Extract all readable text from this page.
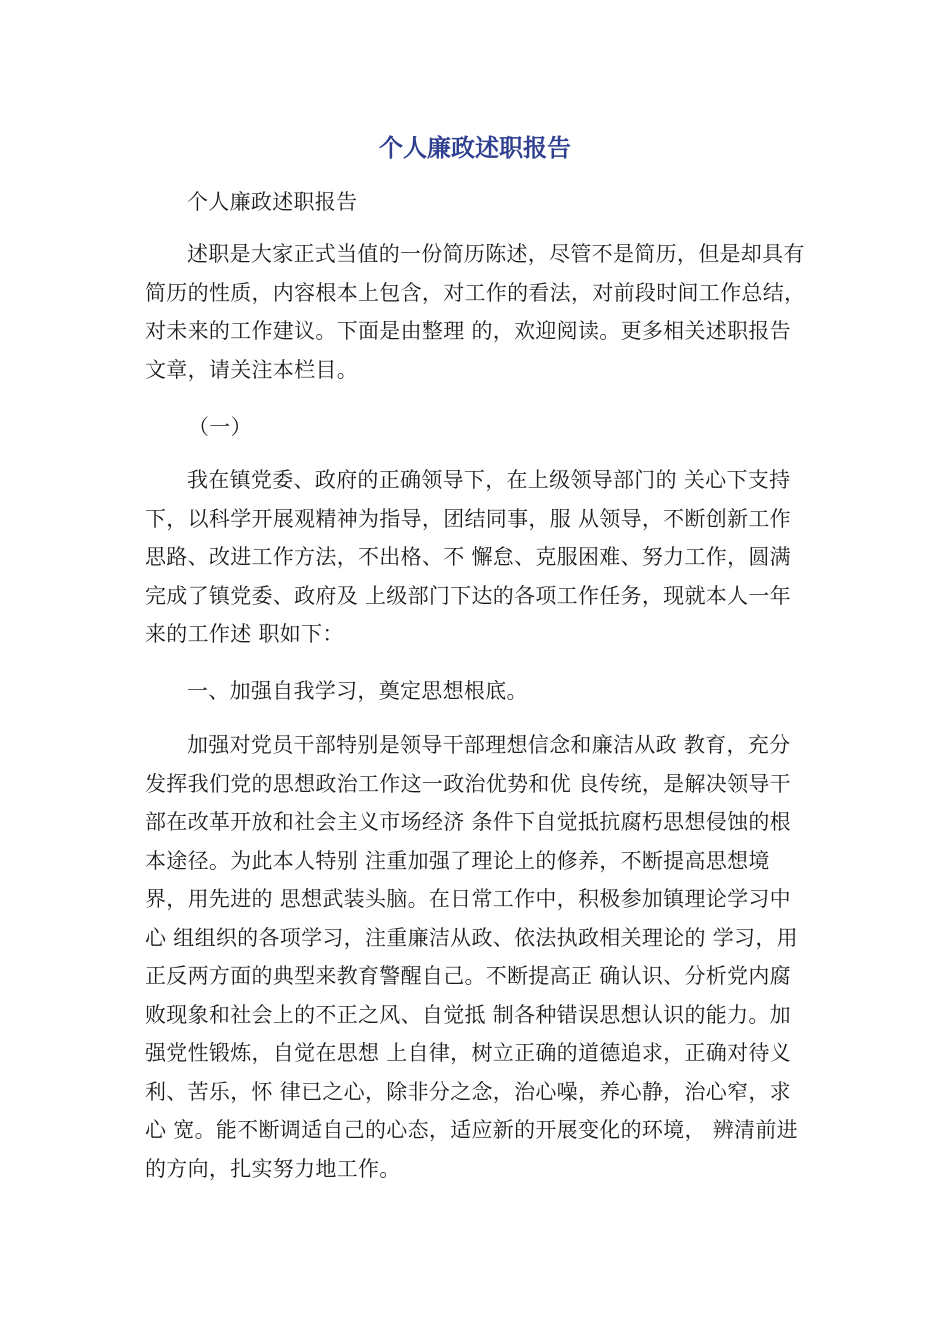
个人廉政述职报告

个人廉政述职报告

述职是大家正式当值的一份简历陈述，尽管不是简历，但是却具有简历的性质，内容根本上包含，对工作的看法，对前段时间工作总结，对未来的工作建议。下面是由整理 的，欢迎阅读。更多相关述职报告文章，请关注本栏目。

（一）

我在镇党委、政府的正确领导下，在上级领导部门的 关心下支持下，以科学开展观精神为指导，团结同事，服 从领导，不断创新工作思路、改进工作方法，不出格、不 懈怠、克服困难、努力工作，圆满完成了镇党委、政府及 上级部门下达的各项工作任务，现就本人一年来的工作述 职如下：

一、加强自我学习，奠定思想根底。

加强对党员干部特别是领导干部理想信念和廉洁从政 教育，充分发挥我们党的思想政治工作这一政治优势和优 良传统，是解决领导干部在改革开放和社会主义市场经济 条件下自觉抵抗腐朽思想侵蚀的根本途径。为此本人特别 注重加强了理论上的修养，不断提高思想境界，用先进的 思想武装头脑。在日常工作中，积极参加镇理论学习中心 组组织的各项学习，注重廉洁从政、依法执政相关理论的 学习，用正反两方面的典型来教育警醒自己。不断提高正 确认识、分析党内腐败现象和社会上的不正之风、自觉抵 制各种错误思想认识的能力。加强党性锻炼，自觉在思想 上自律，树立正确的道德追求，正确对待义利、苦乐，怀 律已之心，除非分之念，治心噪，养心静，治心窄，求心 宽。能不断调适自己的心态，适应新的开展变化的环境， 辨清前进的方向，扎实努力地工作。
